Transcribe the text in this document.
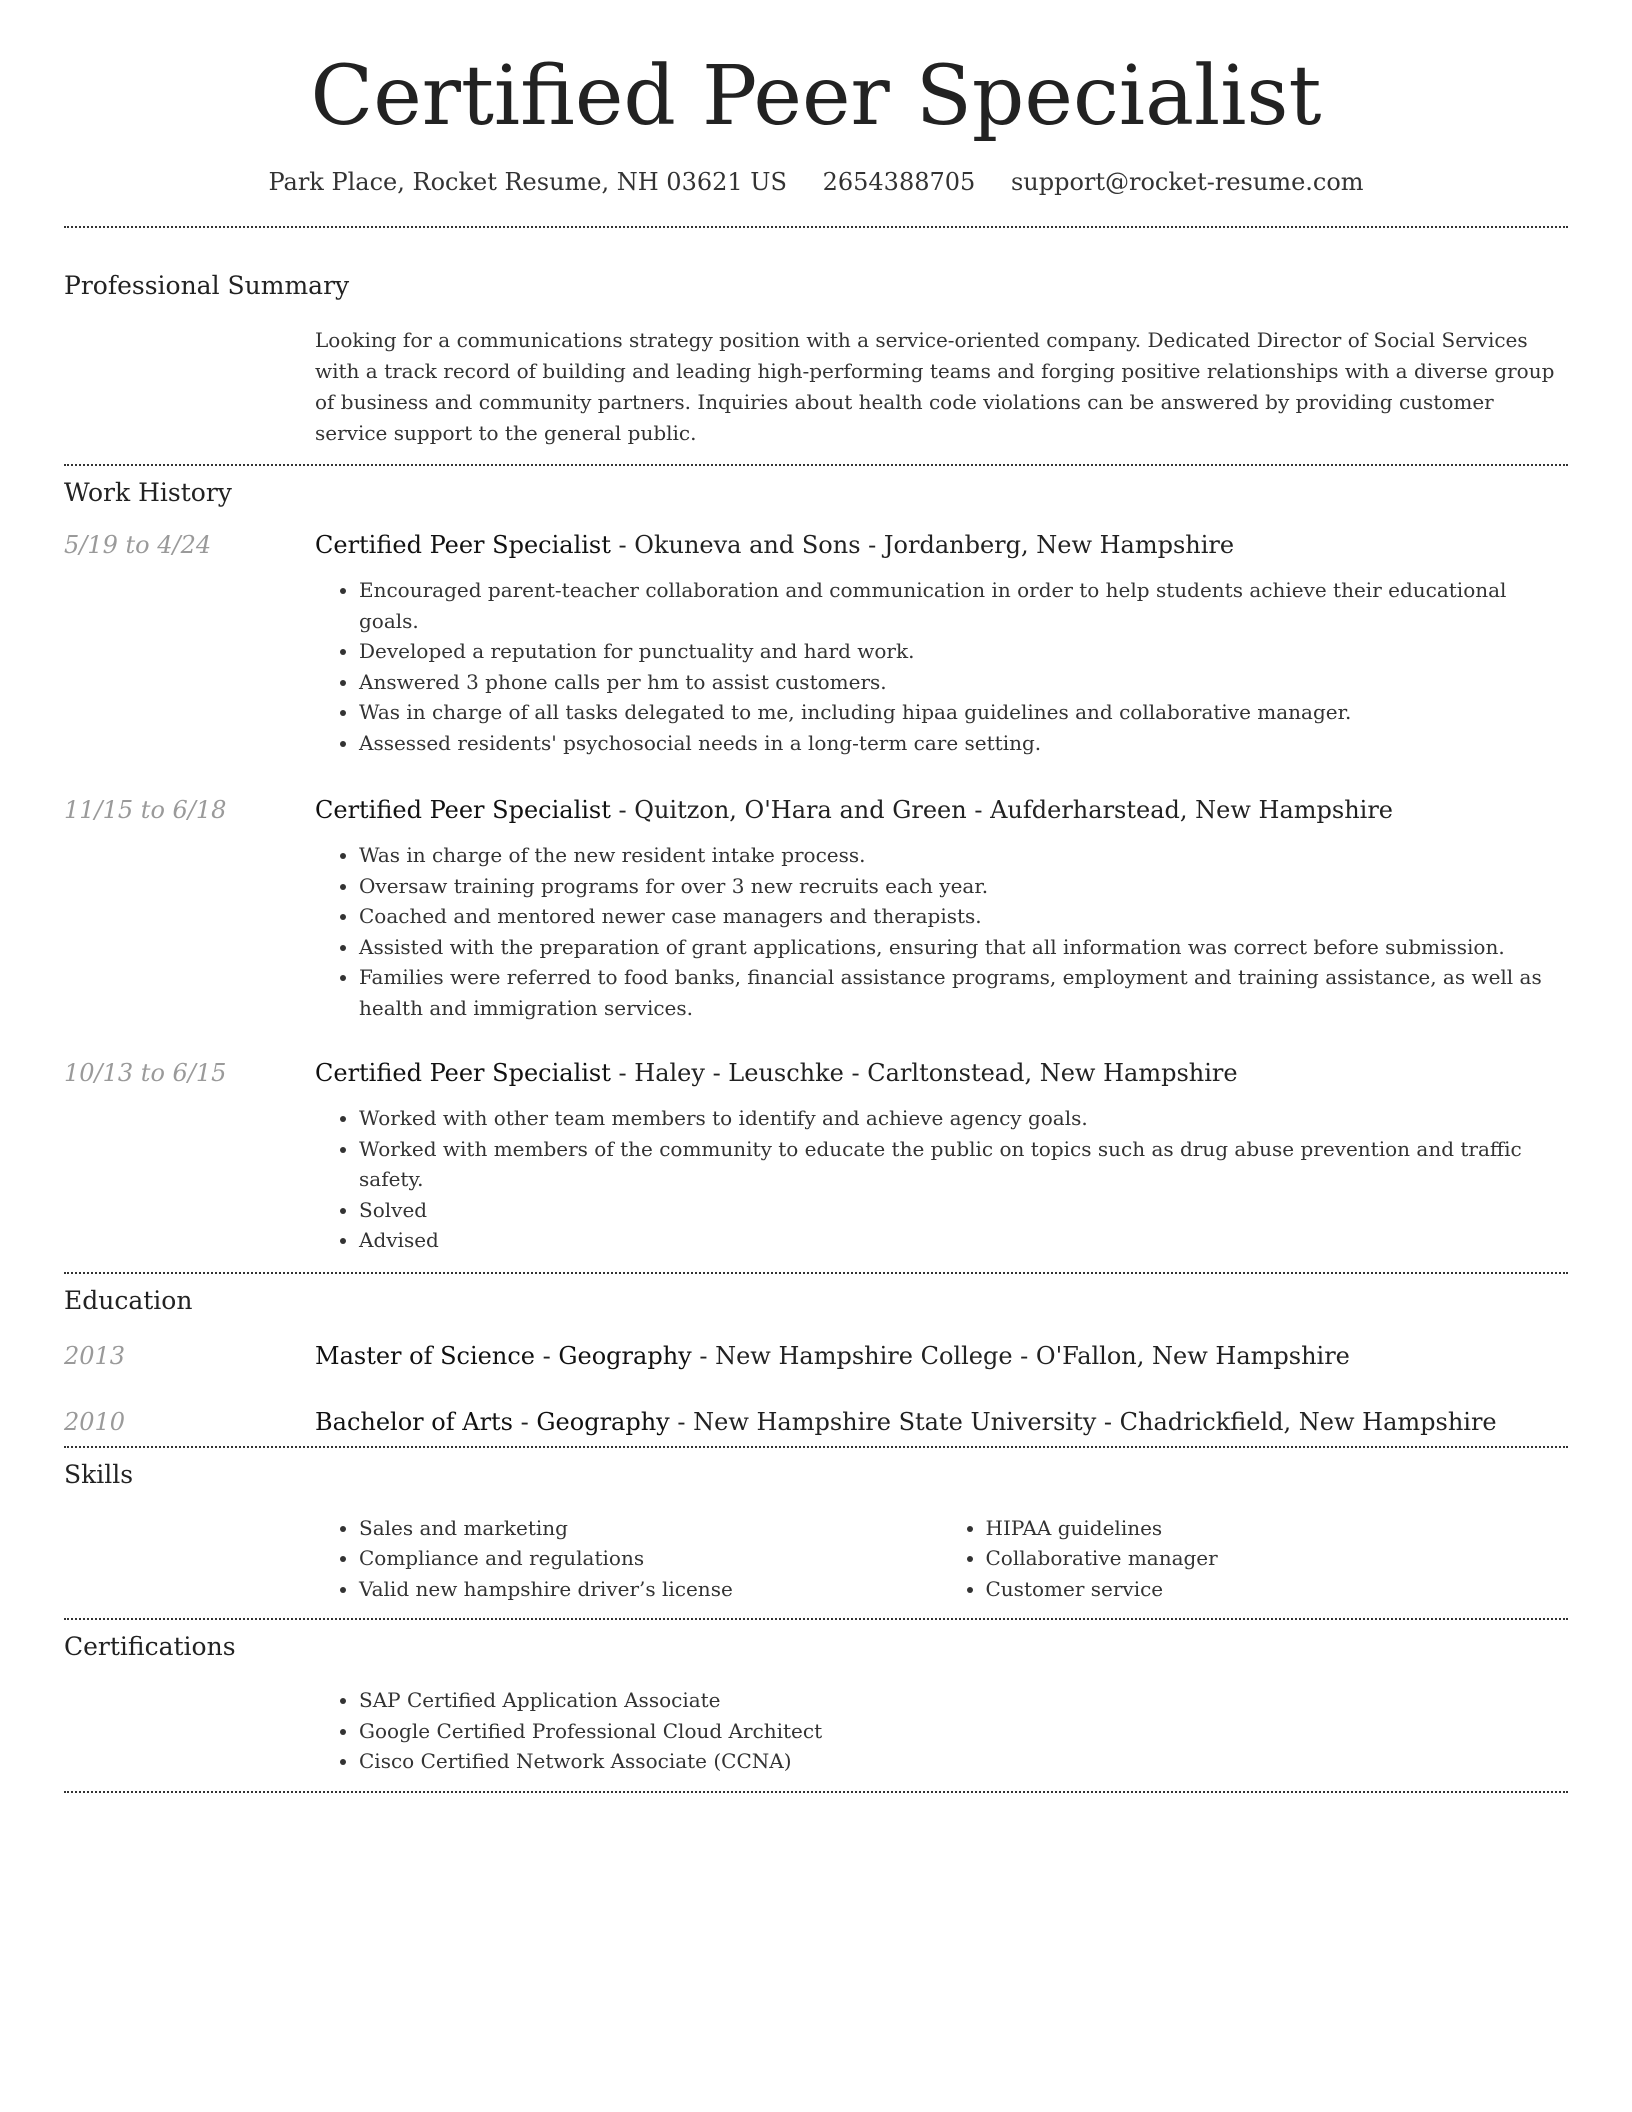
Certified Peer Specialist
Park Place, Rocket Resume, NH 03621 US 2654388705 support@rocket-resume.com
Professional Summary

Looking for a communications strategy position with a service-oriented company. Dedicated Director of Social Services with a track record of building and leading high-performing teams and forging positive relationships with a diverse group of business and community partners. Inquiries about health code violations can be answered by providing customer service support to the general public.

Work History
5/19 to 4/24	Certified Peer Specialist - Okuneva and Sons - Jordanberg, New Hampshire

• Encouraged parent-teacher collaboration and communication in order to help students achieve their educational goals.
• Developed a reputation for punctuality and hard work.
• Answered 3 phone calls per hm to assist customers.
• Was in charge of all tasks delegated to me, including hipaa guidelines and collaborative manager.
• Assessed residents' psychosocial needs in a long-term care setting.
11/15 to 6/18	Certified Peer Specialist - Quitzon, O'Hara and Green - Aufderharstead, New Hampshire

• Was in charge of the new resident intake process.
• Oversaw training programs for over 3 new recruits each year.
• Coached and mentored newer case managers and therapists.
• Assisted with the preparation of grant applications, ensuring that all information was correct before submission.
• Families were referred to food banks, financial assistance programs, employment and training assistance, as well as health and immigration services.
10/13 to 6/15	Certified Peer Specialist - Haley - Leuschke - Carltonstead, New Hampshire

• Worked with other team members to identify and achieve agency goals.
• Worked with members of the community to educate the public on topics such as drug abuse prevention and traffic safety.
• Solved
• Advised
Education
2013	Master of Science - Geography - New Hampshire College - O'Fallon, New Hampshire

2010	Bachelor of Arts - Geography - New Hampshire State University - Chadrickfield, New Hampshire

Skills
• Sales and marketing
• Compliance and regulations
• Valid new hampshire driver’s license
• HIPAA guidelines
• Collaborative manager
• Customer service
Certifications
• SAP Certified Application Associate
• Google Certified Professional Cloud Architect
• Cisco Certified Network Associate (CCNA)
